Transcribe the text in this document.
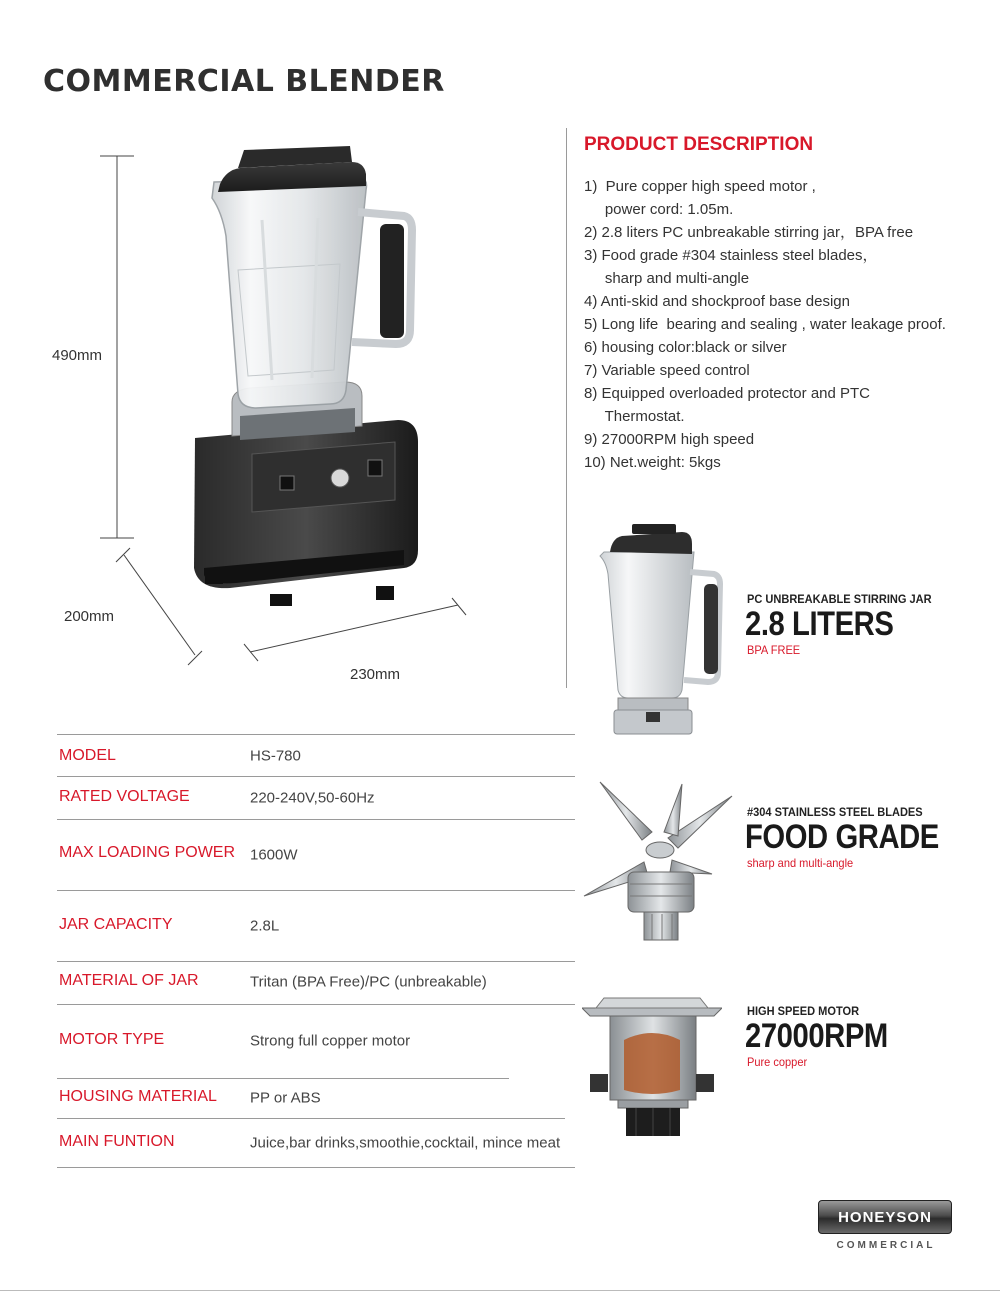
COMMERCIAL BLENDER
490mm
200mm
230mm
PRODUCT DESCRIPTION
1)  Pure copper high speed motor ,
power cord: 1.05m.
2) 2.8 liters PC unbreakable stirring jar，BPA free
3) Food grade #304 stainless steel blades，
sharp and multi-angle
4) Anti-skid and shockproof base design
5) Long life  bearing and sealing , water leakage proof.
6) housing color:black or silver
7) Variable speed control
8) Equipped overloaded protector and PTC
Thermostat.
9) 27000RPM high speed
10) Net.weight: 5kgs
MODEL	HS-780
RATED VOLTAGE	220-240V,50-60Hz
MAX LOADING POWER 1600W
JAR CAPACITY	2.8L
MATERIAL OF JAR	Tritan (BPA Free)/PC (unbreakable)
MOTOR TYPE	Strong full copper motor
HOUSING MATERIAL PP or ABS
MAIN FUNTION	Juice,bar drinks,smoothie,cocktail, mince meat
PC UNBREAKABLE STIRRING JAR
2.8 LITERS
BPA FREE
#304 STAINLESS STEEL BLADES
FOOD GRADE
sharp and multi-angle
HIGH SPEED MOTOR
27000RPM
Pure copper
HONEYSON
COMMERCIAL
